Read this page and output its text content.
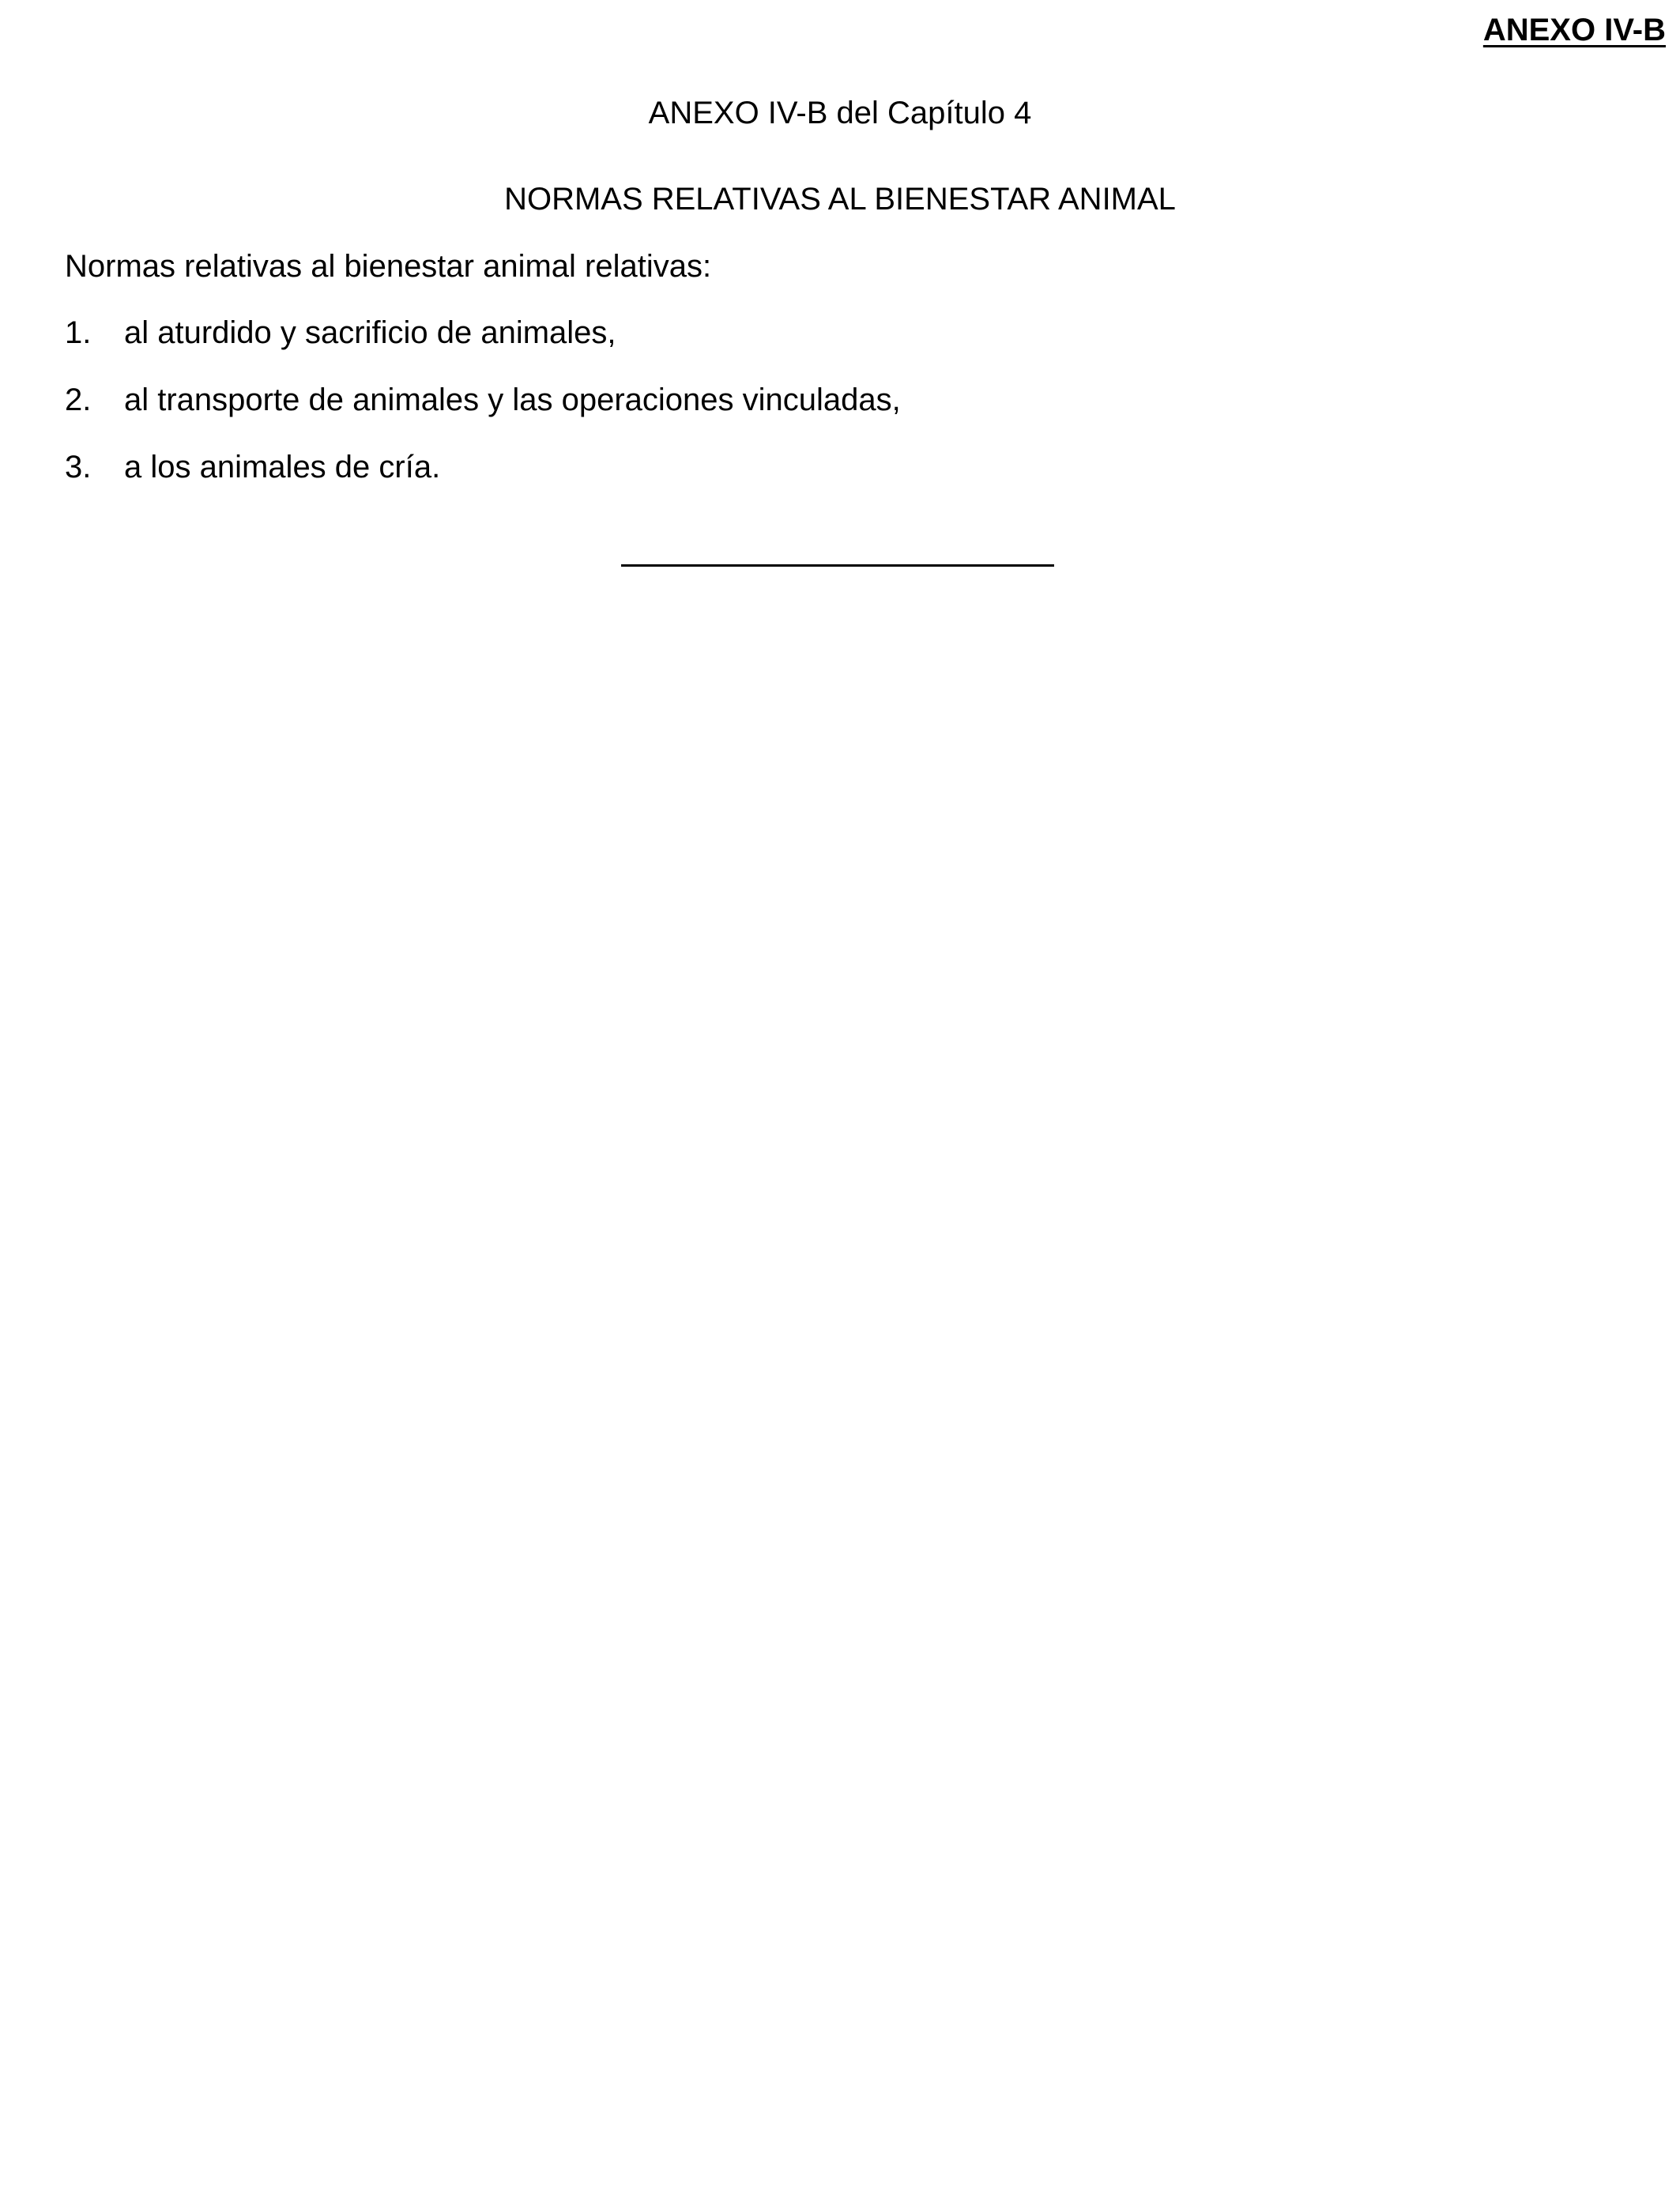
ANEXO IV-B
ANEXO IV-B del Capítulo 4
NORMAS RELATIVAS AL BIENESTAR ANIMAL
Normas relativas al bienestar animal relativas:
1. al aturdido y sacrificio de animales,
2. al transporte de animales y las operaciones vinculadas,
3. a los animales de cría.
